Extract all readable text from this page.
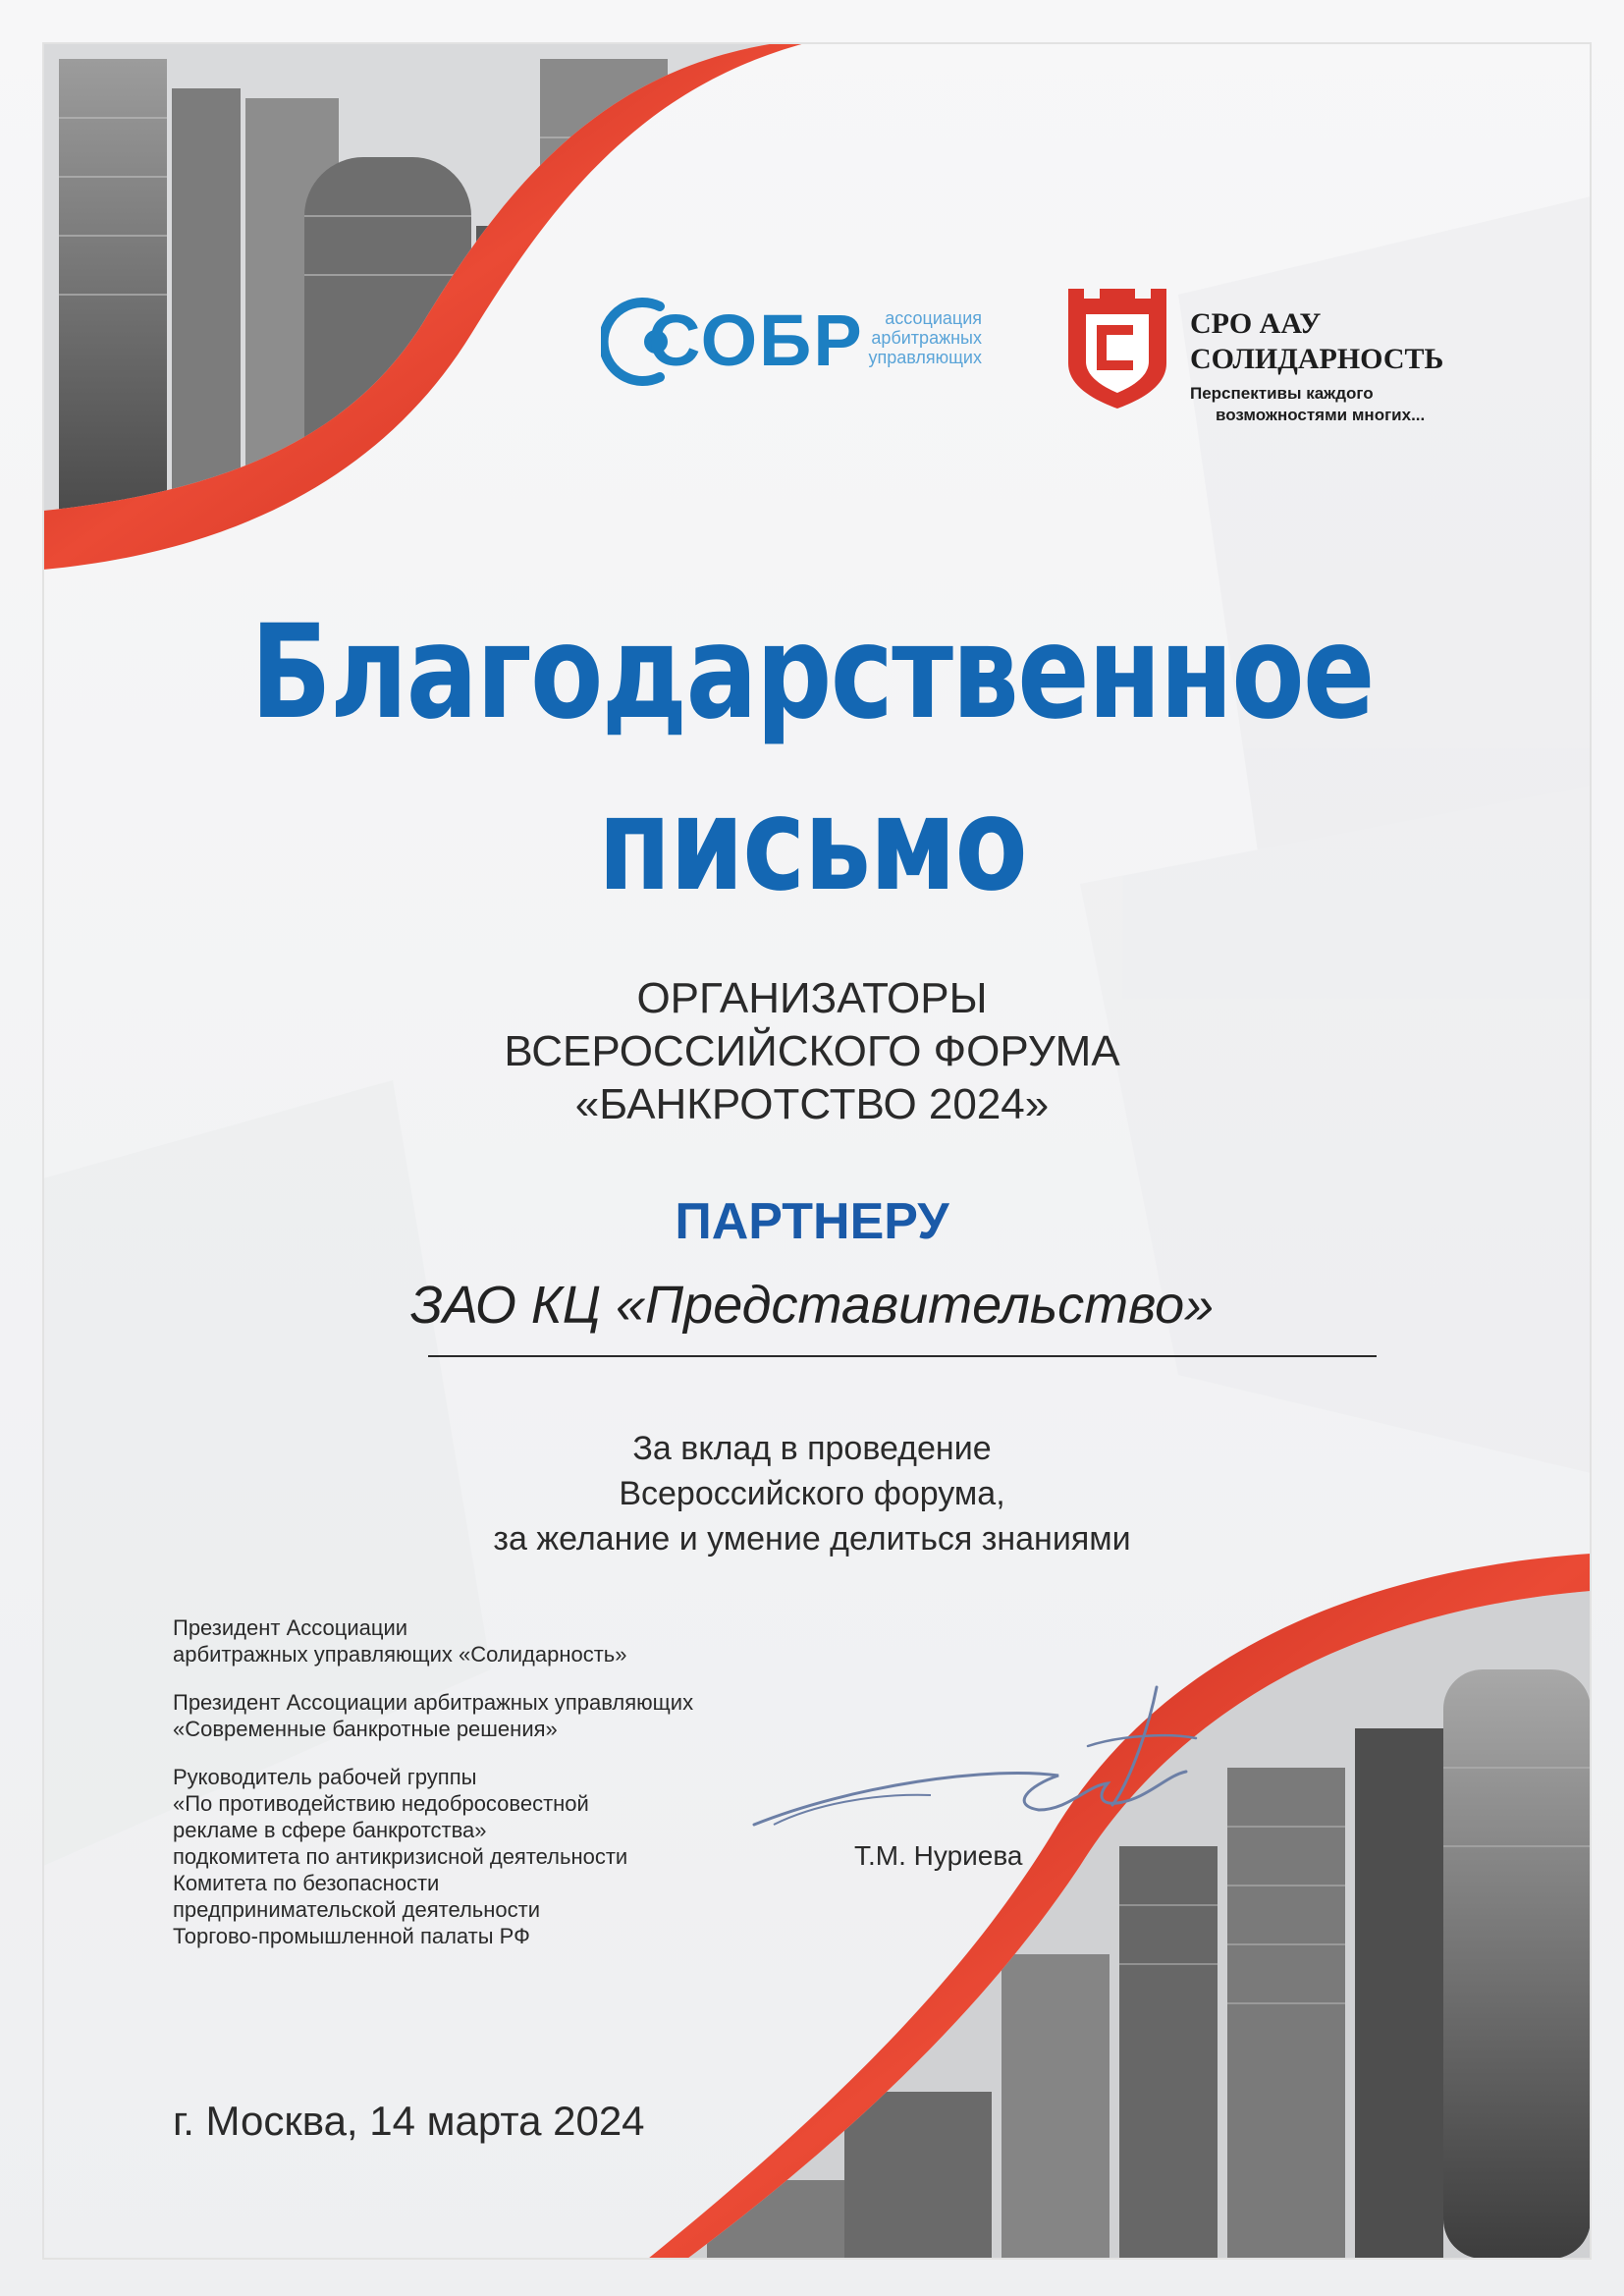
СОБР	ассоциация
арбитражных
управляющих
СРО ААУ
СОЛИДАРНОСТЬ
Перспективы каждого
возможностями многих...
Благодарственное
письмо
ОРГАНИЗАТОРЫ
ВСЕРОССИЙСКОГО ФОРУМА
«БАНКРОТСТВО 2024»
ПАРТНЕРУ
ЗАО КЦ «Представительство»
За вклад в проведение
Всероссийского форума,
за желание и умение делиться знаниями
Президент Ассоциации
арбитражных управляющих «Солидарность»
Президент Ассоциации арбитражных управляющих
«Современные банкротные решения»
Руководитель рабочей группы
«По противодействию недобросовестной
рекламе в сфере банкротства»
подкомитета по антикризисной деятельности
Комитета по безопасности
предпринимательской деятельности
Торгово-промышленной палаты РФ
Т.М. Нуриева
г. Москва, 14 марта 2024
